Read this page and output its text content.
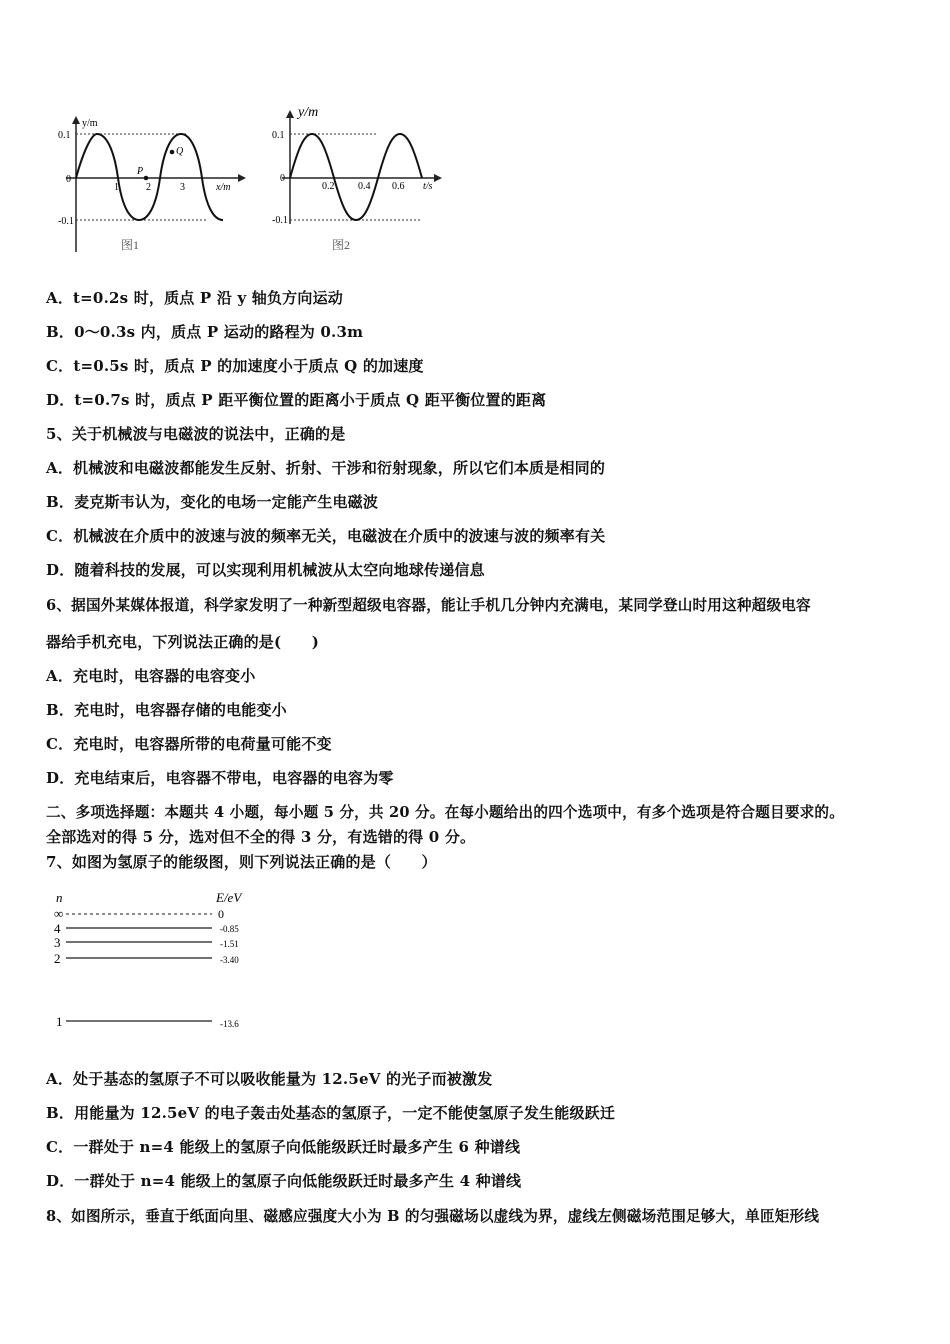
y/m
0.1
0
-0.1
1	2	3	x/m
P
Q
图1
y/m
0.1
0
-0.1
0.2 0.4 0.6 t/s
图2
A．t=0.2s 时，质点 P 沿 y 轴负方向运动
B．0～0.3s 内，质点 P 运动的路程为 0.3m
C．t=0.5s 时，质点 P 的加速度小于质点 Q 的加速度
D．t=0.7s 时，质点 P 距平衡位置的距离小于质点 Q 距平衡位置的距离
5、关于机械波与电磁波的说法中，正确的是
A．机械波和电磁波都能发生反射、折射、干涉和衍射现象，所以它们本质是相同的
B．麦克斯韦认为，变化的电场一定能产生电磁波
C．机械波在介质中的波速与波的频率无关，电磁波在介质中的波速与波的频率有关
D．随着科技的发展，可以实现利用机械波从太空向地球传递信息
6、据国外某媒体报道，科学家发明了一种新型超级电容器，能让手机几分钟内充满电，某同学登山时用这种超级电容
器给手机充电，下列说法正确的是(　　)
A．充电时，电容器的电容变小
B．充电时，电容器存储的电能变小
C．充电时，电容器所带的电荷量可能不变
D．充电结束后，电容器不带电，电容器的电容为零
二、多项选择题：本题共 4 小题，每小题 5 分，共 20 分。在每小题给出的四个选项中，有多个选项是符合题目要求的。
全部选对的得 5 分，选对但不全的得 3 分，有选错的得 0 分。
7、如图为氢原子的能级图，则下列说法正确的是（　　）
n	E/eV
∞	0
4	-0.85
3	-1.51
2	-3.40
1	-13.6
A．处于基态的氢原子不可以吸收能量为 12.5eV 的光子而被激发
B．用能量为 12.5eV 的电子轰击处基态的氢原子，一定不能使氢原子发生能级跃迁
C．一群处于 n=4 能级上的氢原子向低能级跃迁时最多产生 6 种谱线
D．一群处于 n=4 能级上的氢原子向低能级跃迁时最多产生 4 种谱线
8、如图所示，垂直于纸面向里、磁感应强度大小为 B 的匀强磁场以虚线为界，虚线左侧磁场范围足够大，单匝矩形线
